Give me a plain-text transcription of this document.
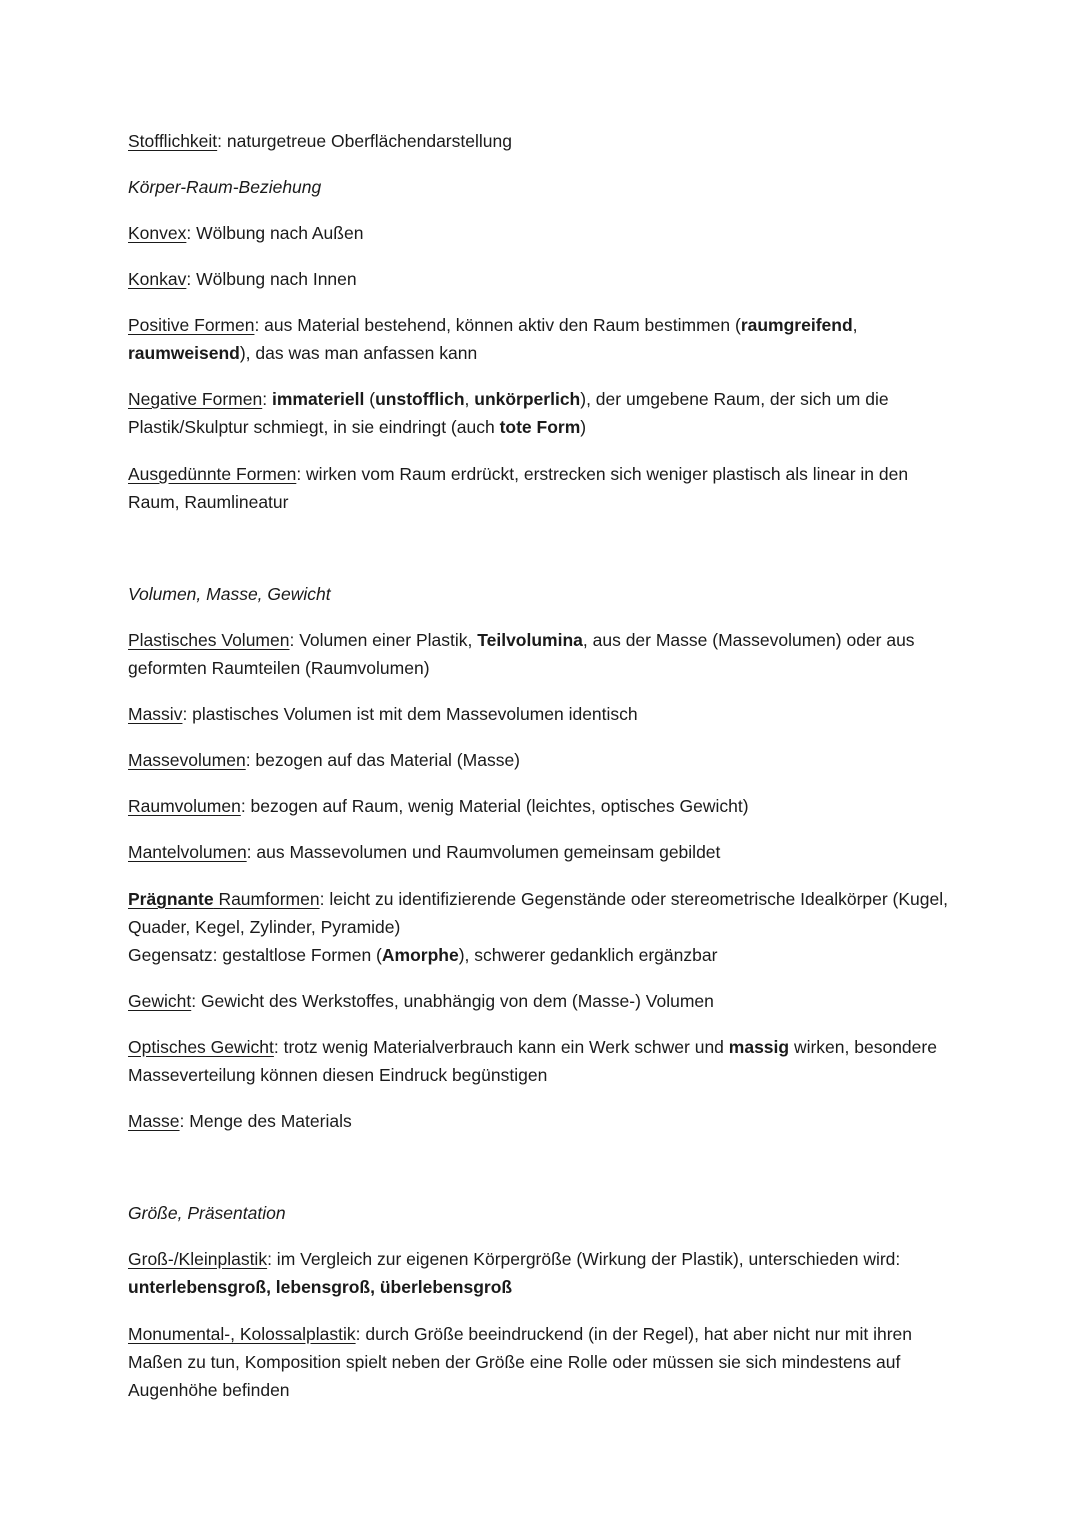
Stofflichkeit: naturgetreue Oberflächendarstellung

Körper-Raum-Beziehung

Konvex: Wölbung nach Außen

Konkav: Wölbung nach Innen

Positive Formen: aus Material bestehend, können aktiv den Raum bestimmen (raumgreifend, raumweisend), das was man anfassen kann

Negative Formen: immateriell (unstofflich, unkörperlich), der umgebene Raum, der sich um die Plastik/Skulptur schmiegt, in sie eindringt (auch tote Form)

Ausgedünnte Formen: wirken vom Raum erdrückt, erstrecken sich weniger plastisch als linear in den Raum, Raumlineatur

Volumen, Masse, Gewicht

Plastisches Volumen: Volumen einer Plastik, Teilvolumina, aus der Masse (Massevolumen) oder aus geformten Raumteilen (Raumvolumen)

Massiv: plastisches Volumen ist mit dem Massevolumen identisch

Massevolumen: bezogen auf das Material (Masse)

Raumvolumen: bezogen auf Raum, wenig Material (leichtes, optisches Gewicht)

Mantelvolumen: aus Massevolumen und Raumvolumen gemeinsam gebildet

Prägnante Raumformen: leicht zu identifizierende Gegenstände oder stereometrische Idealkörper (Kugel, Quader, Kegel, Zylinder, Pyramide)
Gegensatz: gestaltlose Formen (Amorphe), schwerer gedanklich ergänzbar

Gewicht: Gewicht des Werkstoffes, unabhängig von dem (Masse-) Volumen

Optisches Gewicht: trotz wenig Materialverbrauch kann ein Werk schwer und massig wirken, besondere Masseverteilung können diesen Eindruck begünstigen

Masse: Menge des Materials

Größe, Präsentation

Groß-/Kleinplastik: im Vergleich zur eigenen Körpergröße (Wirkung der Plastik), unterschieden wird: unterlebensgroß, lebensgroß, überlebensgroß

Monumental-, Kolossalplastik: durch Größe beeindruckend (in der Regel), hat aber nicht nur mit ihren Maßen zu tun, Komposition spielt neben der Größe eine Rolle oder müssen sie sich mindestens auf Augenhöhe befinden
